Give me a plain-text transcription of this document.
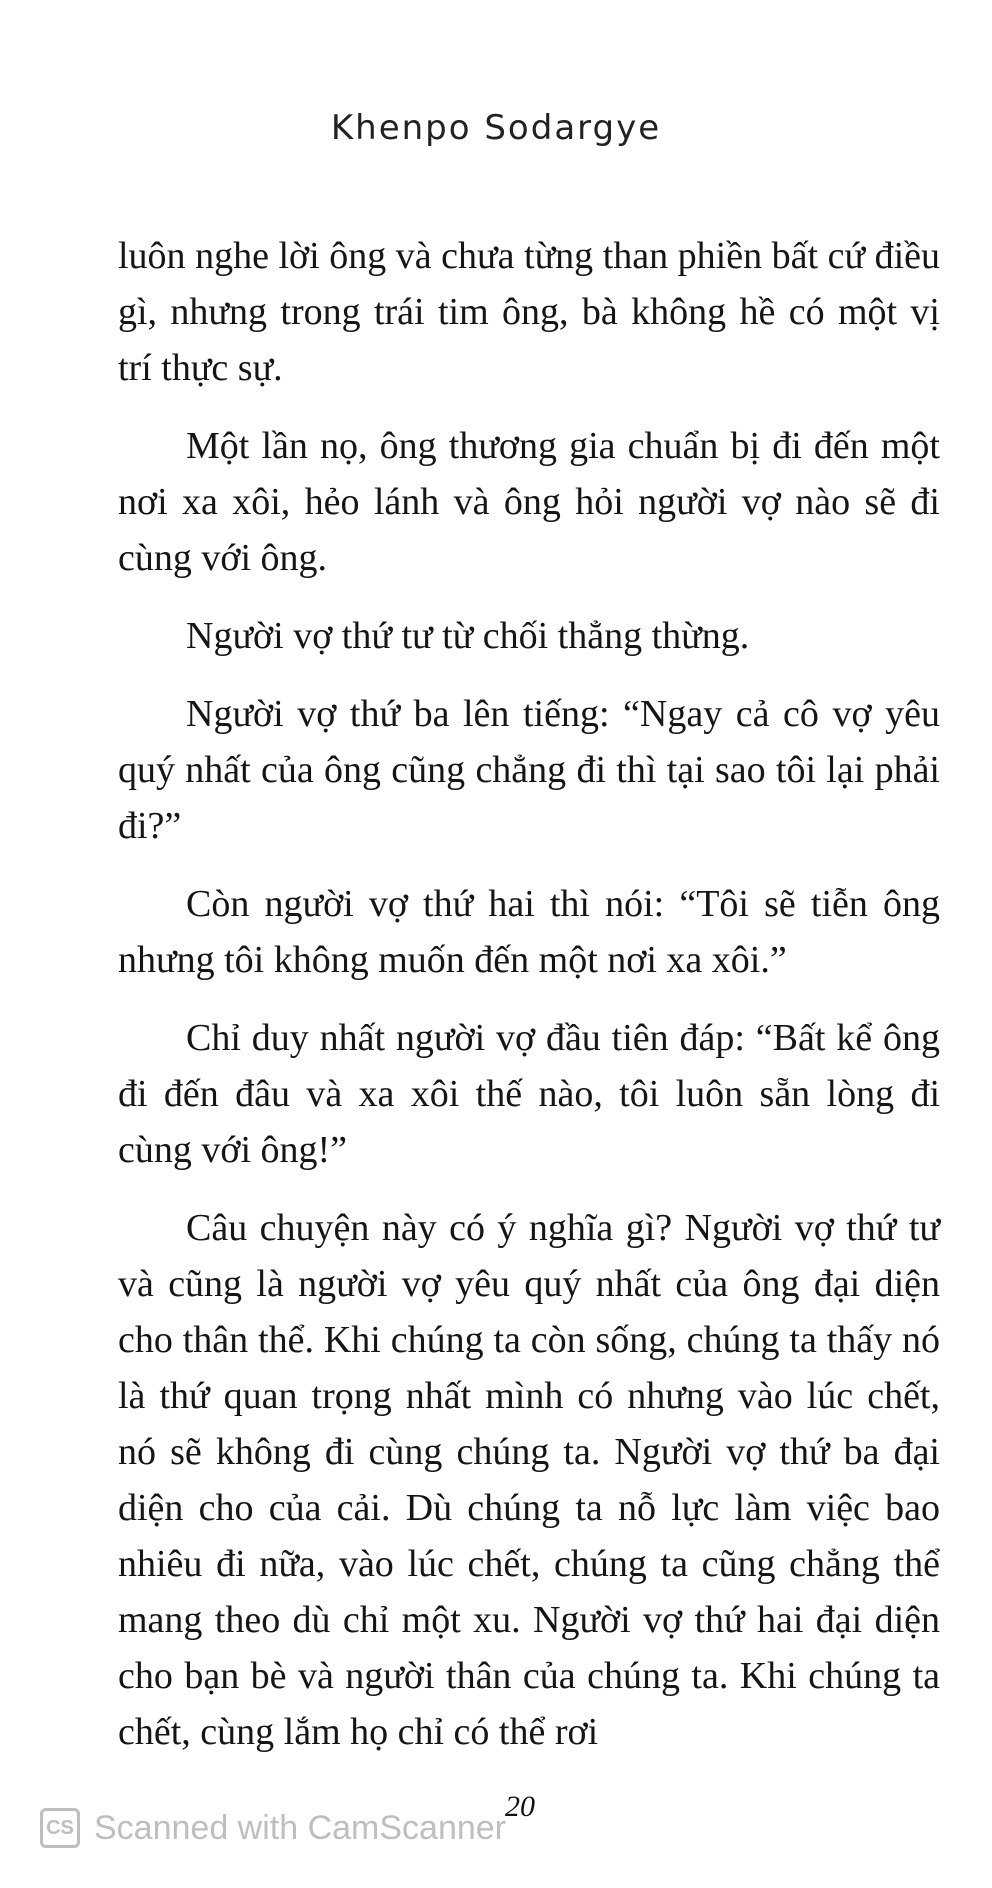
Khenpo Sodargye

luôn nghe lời ông và chưa từng than phiền bất cứ điều gì, nhưng trong trái tim ông, bà không hề có một vị trí thực sự.

Một lần nọ, ông thương gia chuẩn bị đi đến một nơi xa xôi, hẻo lánh và ông hỏi người vợ nào sẽ đi cùng với ông.

Người vợ thứ tư từ chối thẳng thừng.

Người vợ thứ ba lên tiếng: “Ngay cả cô vợ yêu quý nhất của ông cũng chẳng đi thì tại sao tôi lại phải đi?”

Còn người vợ thứ hai thì nói: “Tôi sẽ tiễn ông nhưng tôi không muốn đến một nơi xa xôi.”

Chỉ duy nhất người vợ đầu tiên đáp: “Bất kể ông đi đến đâu và xa xôi thế nào, tôi luôn sẵn lòng đi cùng với ông!”

Câu chuyện này có ý nghĩa gì? Người vợ thứ tư và cũng là người vợ yêu quý nhất của ông đại diện cho thân thể. Khi chúng ta còn sống, chúng ta thấy nó là thứ quan trọng nhất mình có nhưng vào lúc chết, nó sẽ không đi cùng chúng ta. Người vợ thứ ba đại diện cho của cải. Dù chúng ta nỗ lực làm việc bao nhiêu đi nữa, vào lúc chết, chúng ta cũng chẳng thể mang theo dù chỉ một xu. Người vợ thứ hai đại diện cho bạn bè và người thân của chúng ta. Khi chúng ta chết, cùng lắm họ chỉ có thể rơi

CS Scanned with CamScanner
20
